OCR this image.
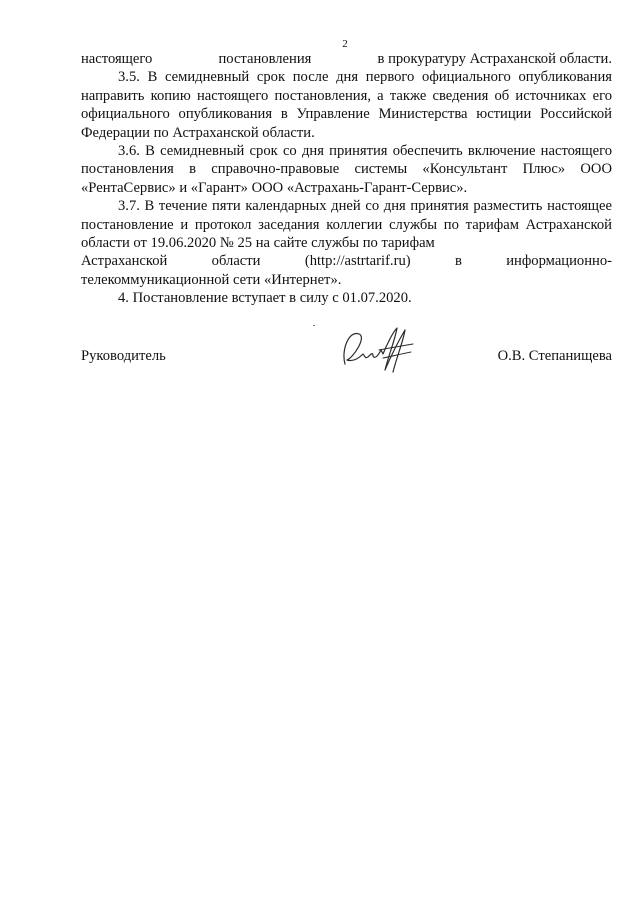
2
настоящего	постановления	в прокуратуру Астраханской области.

3.5. В семидневный срок после дня первого официального опубликования направить копию настоящего постановления, а также сведения об источниках его официального опубликования в Управление Министерства юстиции Российской Федерации по Астраханской области.

3.6. В семидневный срок со дня принятия обеспечить включение настоящего постановления в справочно-правовые системы «Консультант Плюс» ООО «РентаСервис» и «Гарант» ООО «Астрахань-Гарант-Сервис».

3.7. В течение пяти календарных дней со дня принятия разместить настоящее постановление и протокол заседания коллегии службы по тарифам Астраханской области от 19.06.2020 № 25 на сайте службы по тарифам

Астраханской	области	(http://astrtarif.ru)	в	информационно-

телекоммуникационной сети «Интернет».

4. Постановление вступает в силу с 01.07.2020.

Руководитель	О.В. Степанищева
